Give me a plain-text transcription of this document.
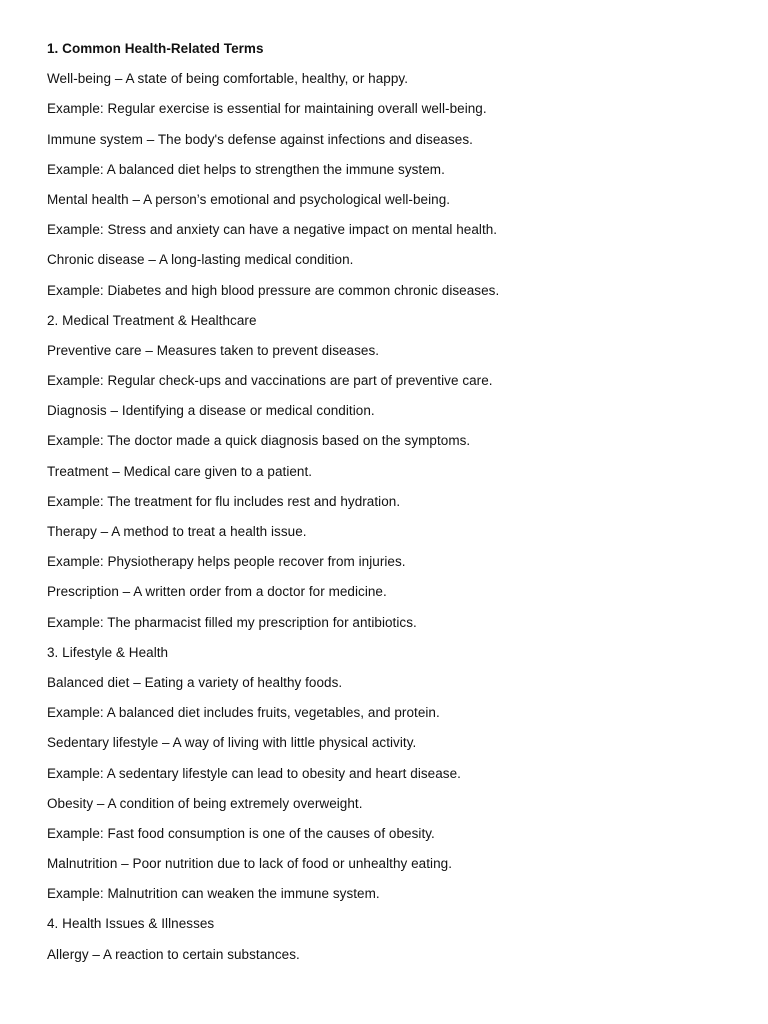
1. Common Health-Related Terms
Well-being – A state of being comfortable, healthy, or happy.
Example: Regular exercise is essential for maintaining overall well-being.
Immune system – The body's defense against infections and diseases.
Example: A balanced diet helps to strengthen the immune system.
Mental health – A person’s emotional and psychological well-being.
Example: Stress and anxiety can have a negative impact on mental health.
Chronic disease – A long-lasting medical condition.
Example: Diabetes and high blood pressure are common chronic diseases.
2. Medical Treatment & Healthcare
Preventive care – Measures taken to prevent diseases.
Example: Regular check-ups and vaccinations are part of preventive care.
Diagnosis – Identifying a disease or medical condition.
Example: The doctor made a quick diagnosis based on the symptoms.
Treatment – Medical care given to a patient.
Example: The treatment for flu includes rest and hydration.
Therapy – A method to treat a health issue.
Example: Physiotherapy helps people recover from injuries.
Prescription – A written order from a doctor for medicine.
Example: The pharmacist filled my prescription for antibiotics.
3. Lifestyle & Health
Balanced diet – Eating a variety of healthy foods.
Example: A balanced diet includes fruits, vegetables, and protein.
Sedentary lifestyle – A way of living with little physical activity.
Example: A sedentary lifestyle can lead to obesity and heart disease.
Obesity – A condition of being extremely overweight.
Example: Fast food consumption is one of the causes of obesity.
Malnutrition – Poor nutrition due to lack of food or unhealthy eating.
Example: Malnutrition can weaken the immune system.
4. Health Issues & Illnesses
Allergy – A reaction to certain substances.
